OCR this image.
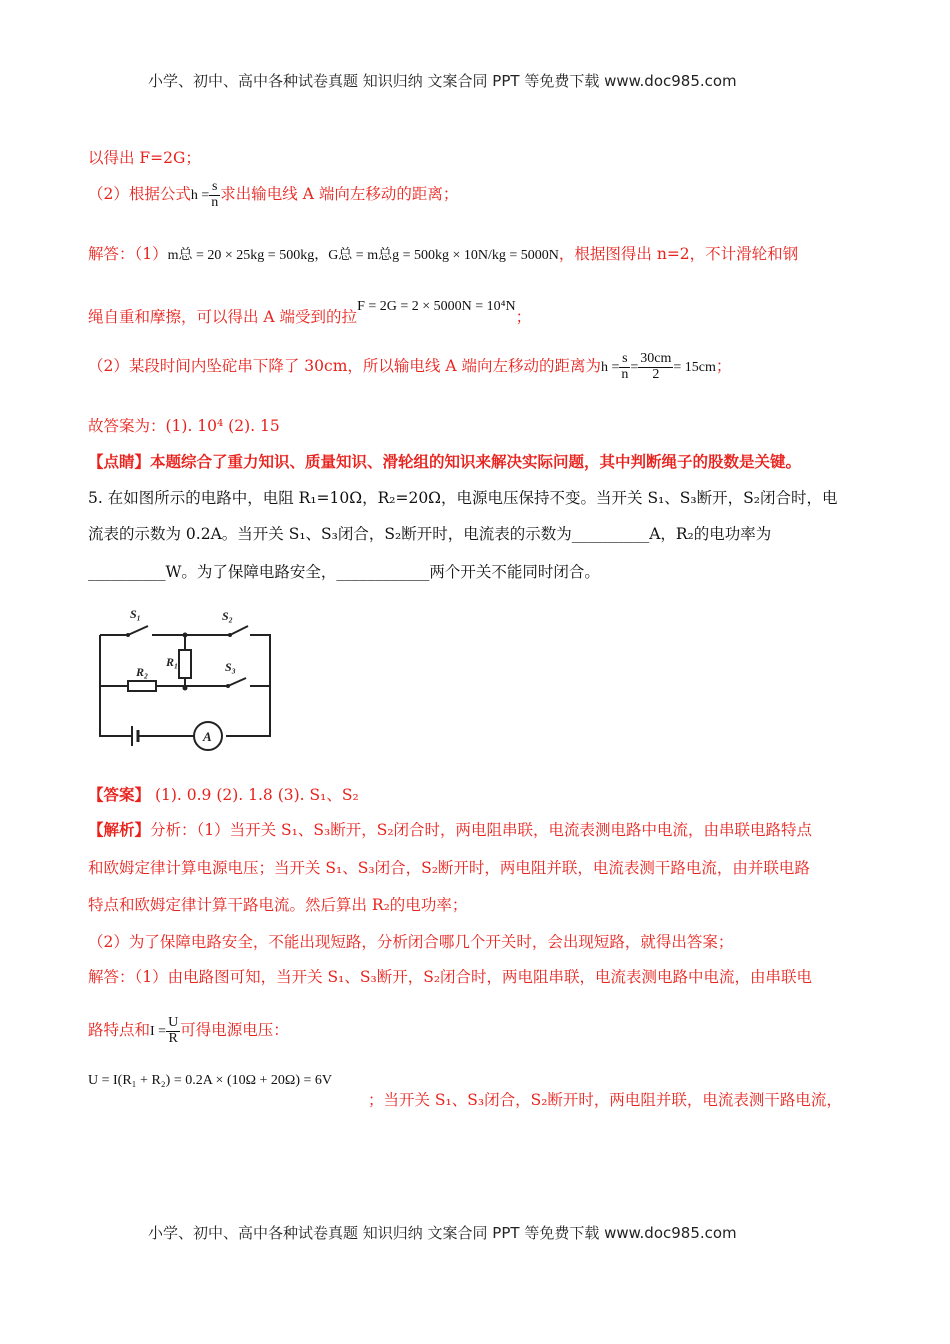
小学、初中、高中各种试卷真题 知识归纳 文案合同 PPT 等免费下载 www.doc985.com
小学、初中、高中各种试卷真题 知识归纳 文案合同 PPT 等免费下载 www.doc985.com
以得出 F=2G；
（2）根据公式$h = \frac{s}{n}$ 求出输电线 A 端向左移动的距离；
解答：（1）m总 = 20 × 25kg = 500kg，G总 = m总g = 500kg × 10N/kg = 5000N，根据图得出 n=2，不计滑轮和钢
绳自重和摩擦，可以得出 A 端受到的拉F = 2G = 2 × 5000N = 10⁴N；
（2）某段时间内坠砣串下降了 30cm，所以输电线 A 端向左移动的距离为$h = \frac{s}{n} = \frac{30cm}{2} = 15cm$；
故答案为：(1). 10⁴ (2). 15
【点睛】本题综合了重力知识、质量知识、滑轮组的知识来解决实际问题，其中判断绳子的股数是关键。
5. 在如图所示的电路中，电阻 R₁=10Ω，R₂=20Ω，电源电压保持不变。当开关 S₁、S₃断开，S₂闭合时，电
流表的示数为 0.2A。当开关 S₁、S₃闭合，S₂断开时，电流表的示数为__________A，R₂的电功率为
__________W。为了保障电路安全，____________两个开关不能同时闭合。
S₁	S₂
S₃
R₁
R₂
A
【答案】 (1). 0.9 (2). 1.8 (3). S₁、S₂
【解析】分析：（1）当开关 S₁、S₃断开，S₂闭合时，两电阻串联，电流表测电路中电流，由串联电路特点
和欧姆定律计算电源电压；当开关 S₁、S₃闭合，S₂断开时，两电阻并联，电流表测干路电流，由并联电路
特点和欧姆定律计算干路电流。然后算出 R₂的电功率；
（2）为了保障电路安全，不能出现短路，分析闭合哪几个开关时，会出现短路，就得出答案；
解答：（1）由电路图可知，当开关 S₁、S₃断开，S₂闭合时，两电阻串联，电流表测电路中电流，由串联电
路特点和$I = \frac{U}{R}$ 可得电源电压：
U = I(R₁ + R₂) = 0.2A × (10Ω + 20Ω) = 6V
；当开关 S₁、S₃闭合，S₂断开时，两电阻并联，电流表测干路电流，
